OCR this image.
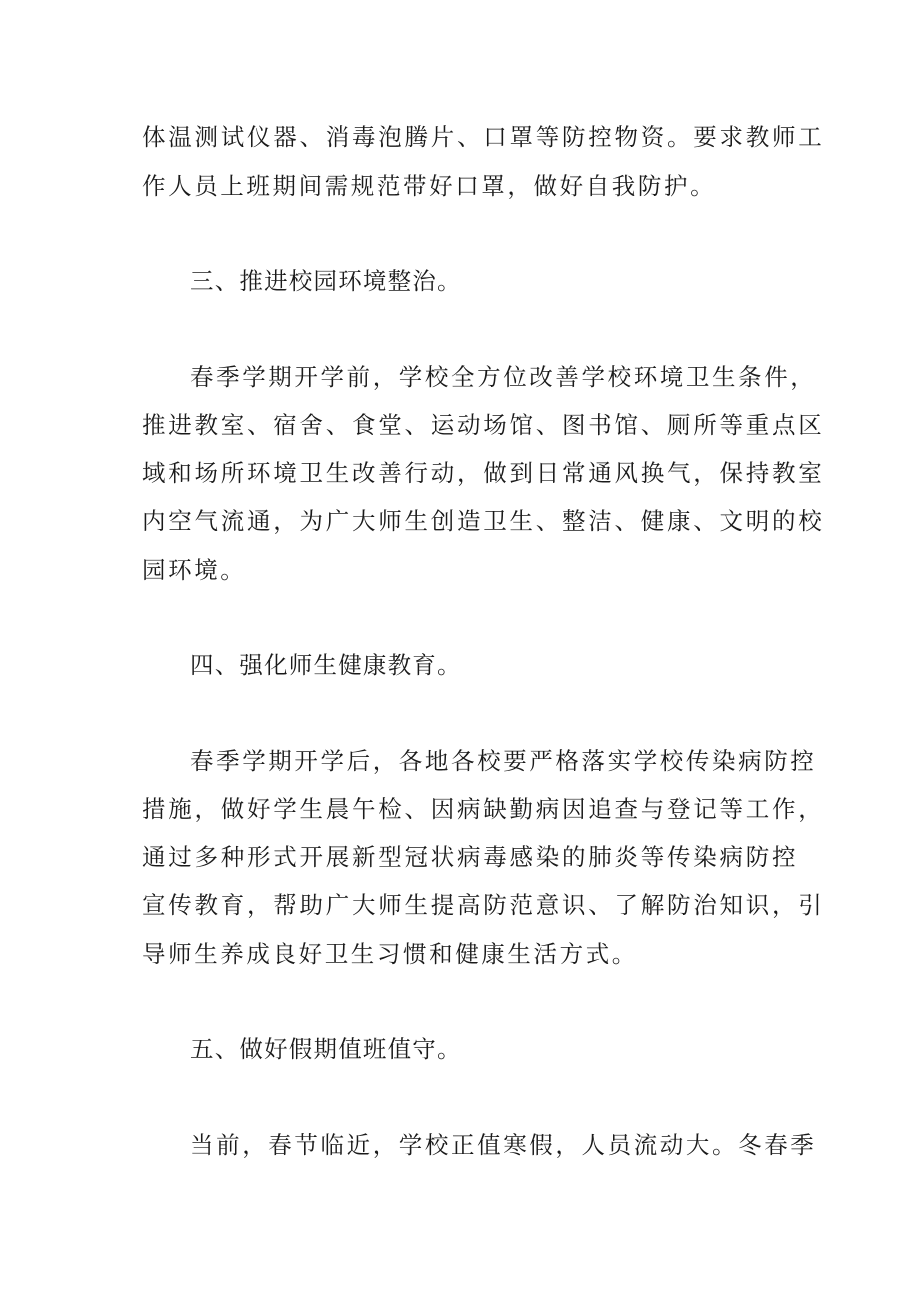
体温测试仪器、消毒泡腾片、口罩等防控物资。要求教师工
作人员上班期间需规范带好口罩，做好自我防护。
三、推进校园环境整治。
春季学期开学前，学校全方位改善学校环境卫生条件，
推进教室、宿舍、食堂、运动场馆、图书馆、厕所等重点区
域和场所环境卫生改善行动，做到日常通风换气，保持教室
内空气流通，为广大师生创造卫生、整洁、健康、文明的校
园环境。
四、强化师生健康教育。
春季学期开学后，各地各校要严格落实学校传染病防控
措施，做好学生晨午检、因病缺勤病因追查与登记等工作，
通过多种形式开展新型冠状病毒感染的肺炎等传染病防控
宣传教育，帮助广大师生提高防范意识、了解防治知识，引
导师生养成良好卫生习惯和健康生活方式。
五、做好假期值班值守。
当前，春节临近，学校正值寒假，人员流动大。冬春季
